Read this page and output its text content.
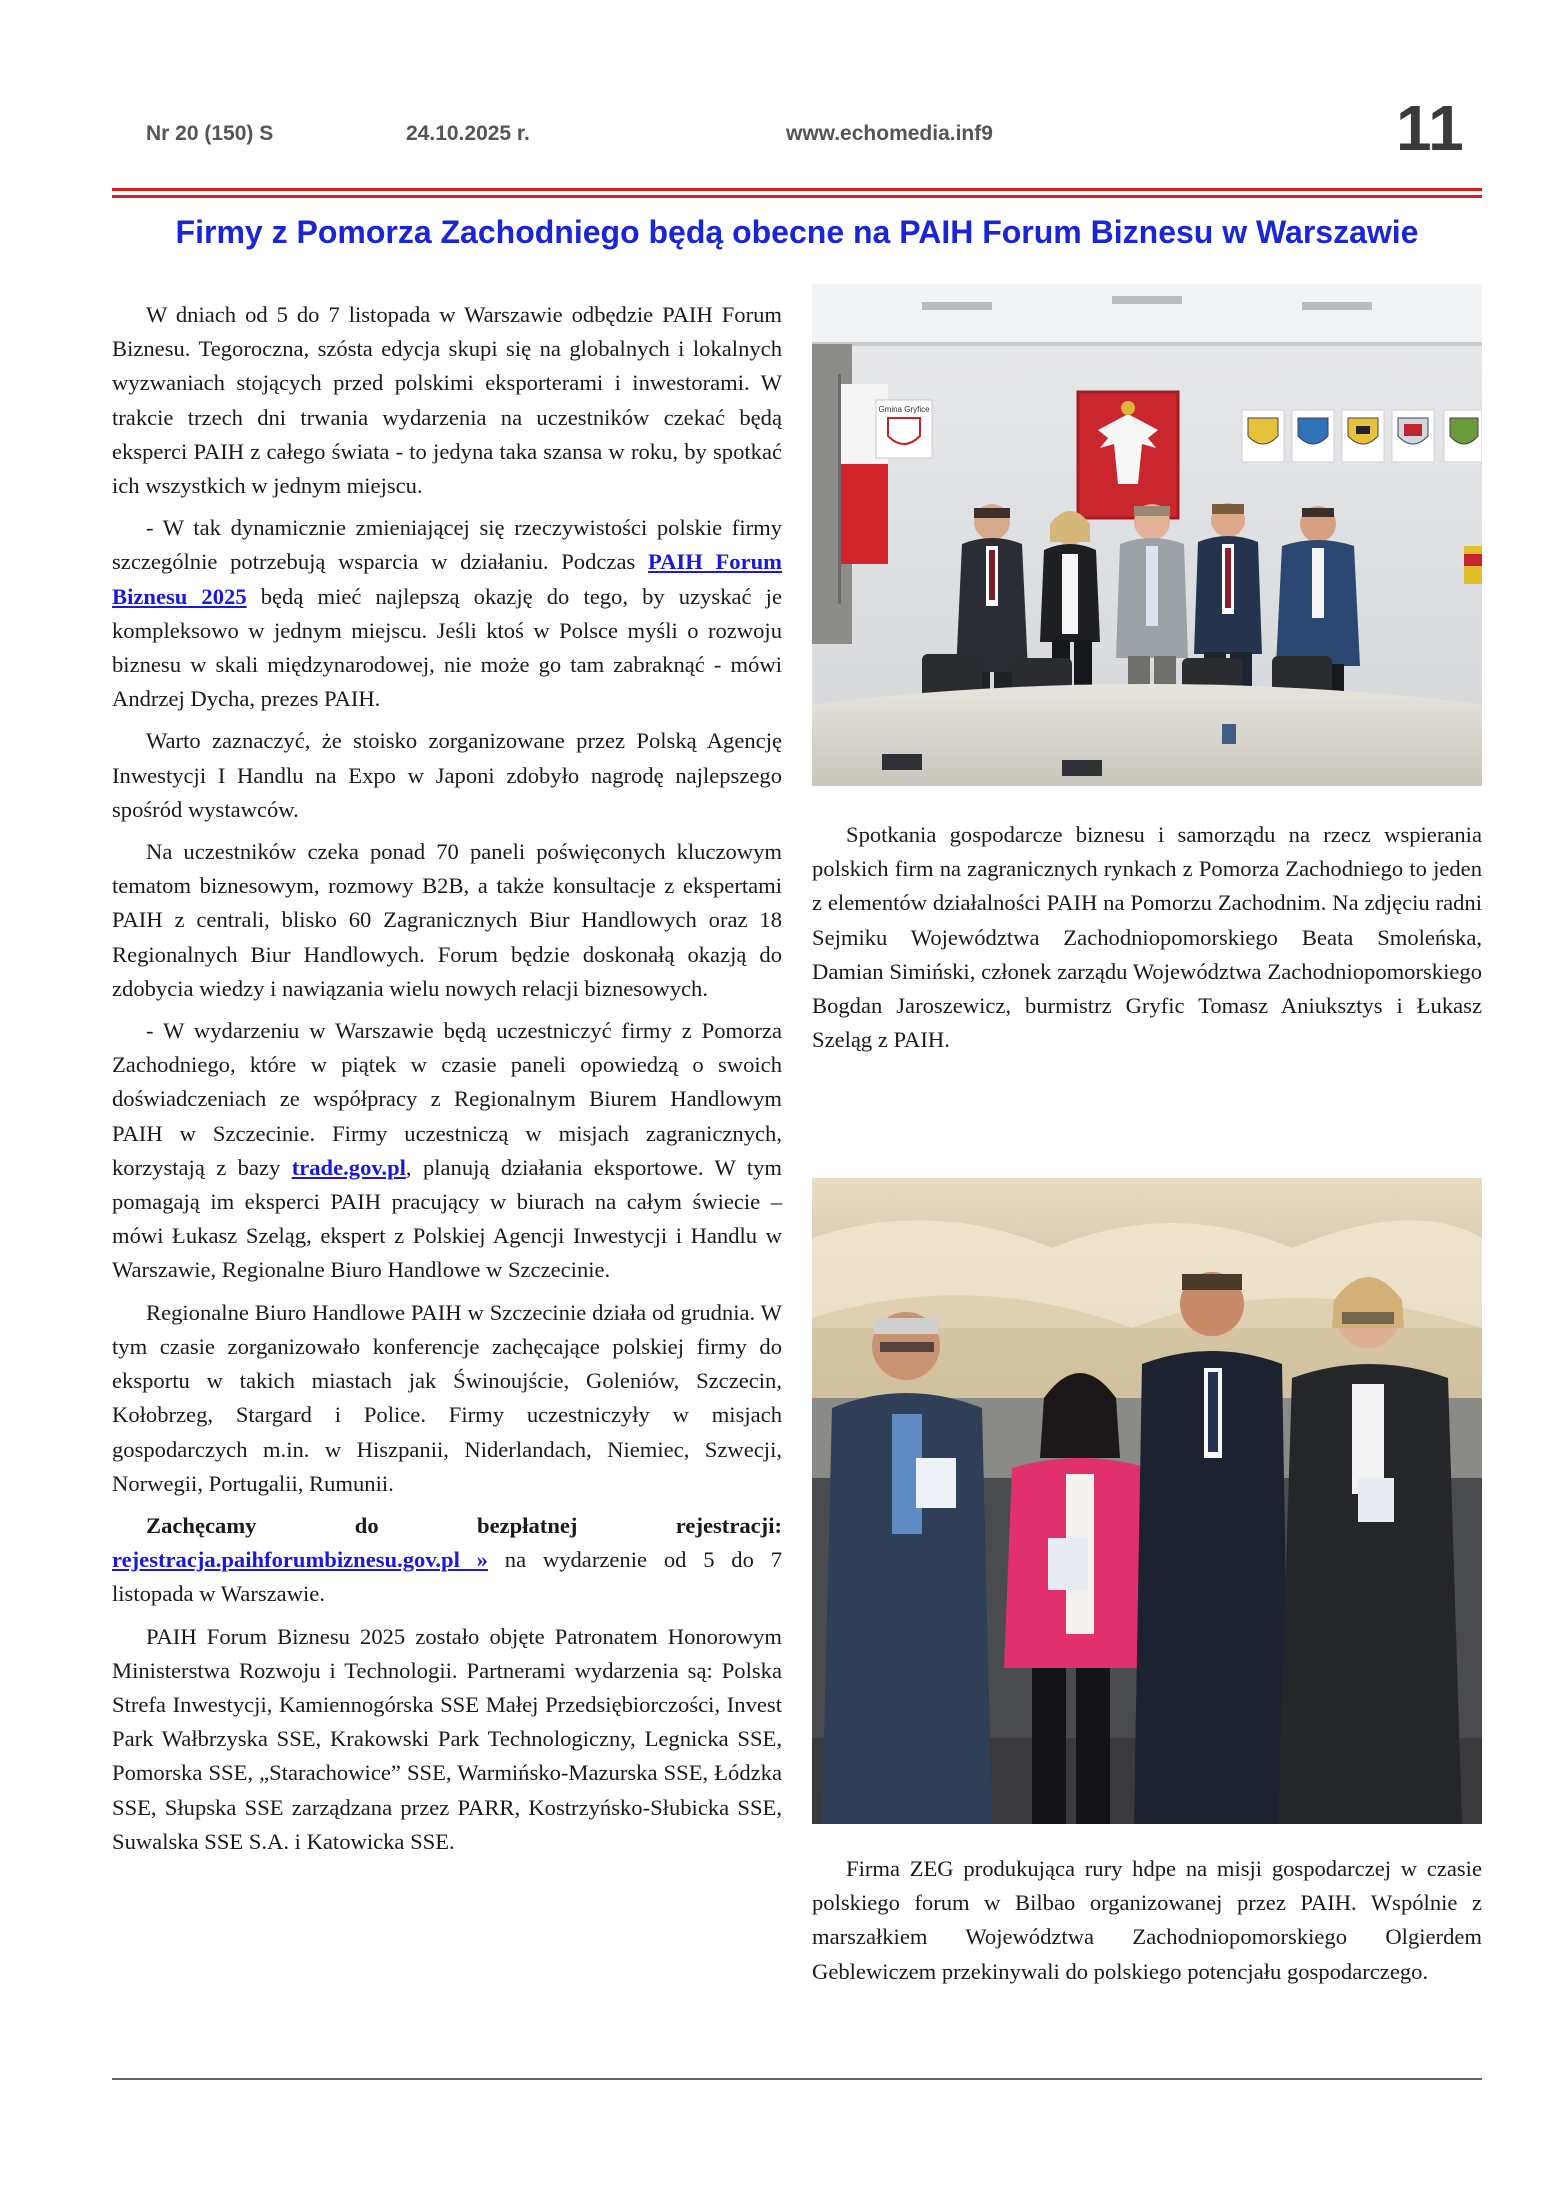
Nr 20 (150) S	24.10.2025 r.	www.echomedia.inf9	11
Firmy z Pomorza Zachodniego będą obecne na PAIH Forum Biznesu w Warszawie

W dniach od 5 do 7 listopada w Warszawie odbędzie PAIH Forum Biznesu. Tegoroczna, szósta edycja skupi się na globalnych i lokalnych wyzwaniach stojących przed polskimi eksporterami i inwestorami. W trakcie trzech dni trwania wydarzenia na uczestników czekać będą eksperci PAIH z całego świata - to jedyna taka szansa w roku, by spotkać ich wszystkich w jednym miejscu.

- W tak dynamicznie zmieniającej się rzeczywistości polskie firmy szczególnie potrzebują wsparcia w działaniu. Podczas PAIH Forum Biznesu 2025 będą mieć najlepszą okazję do tego, by uzyskać je kompleksowo w jednym miejscu. Jeśli ktoś w Polsce myśli o rozwoju biznesu w skali międzynarodowej, nie może go tam zabraknąć - mówi Andrzej Dycha, prezes PAIH.

Warto zaznaczyć, że stoisko zorganizowane przez Polską Agencję Inwestycji I Handlu na Expo w Japoni zdobyło nagrodę najlepszego spośród wystawców.

Na uczestników czeka ponad 70 paneli poświęconych kluczowym tematom biznesowym, rozmowy B2B, a także konsultacje z ekspertami PAIH z centrali, blisko 60 Zagranicznych Biur Handlowych oraz 18 Regionalnych Biur Handlowych. Forum będzie doskonałą okazją do zdobycia wiedzy i nawiązania wielu nowych relacji biznesowych.

- W wydarzeniu w Warszawie będą uczestniczyć firmy z Pomorza Zachodniego, które w piątek w czasie paneli opowiedzą o swoich doświadczeniach ze współpracy z Regionalnym Biurem Handlowym PAIH w Szczecinie. Firmy uczestniczą w misjach zagranicznych, korzystają z bazy trade.gov.pl, planują działania eksportowe. W tym pomagają im eksperci PAIH pracujący w biurach na całym świecie – mówi Łukasz Szeląg, ekspert z Polskiej Agencji Inwestycji i Handlu w Warszawie, Regionalne Biuro Handlowe w Szczecinie.

Regionalne Biuro Handlowe PAIH w Szczecinie działa od grudnia. W tym czasie zorganizowało konferencje zachęcające polskiej firmy do eksportu w takich miastach jak Świnoujście, Goleniów, Szczecin, Kołobrzeg, Stargard i Police. Firmy uczestniczyły w misjach gospodarczych m.in. w Hiszpanii, Niderlandach, Niemiec, Szwecji, Norwegii, Portugalii, Rumunii.

Zachęcamy do bezpłatnej rejestracji: rejestracja.paihforumbiznesu.gov.pl » na wydarzenie od 5 do 7 listopada w Warszawie.

PAIH Forum Biznesu 2025 zostało objęte Patronatem Honorowym Ministerstwa Rozwoju i Technologii. Partnerami wydarzenia są: Polska Strefa Inwestycji, Kamiennogórska SSE Małej Przedsiębiorczości, Invest Park Wałbrzyska SSE, Krakowski Park Technologiczny, Legnicka SSE, Pomorska SSE, „Starachowice” SSE, Warmińsko-Mazurska SSE, Łódzka SSE, Słupska SSE zarządzana przez PARR, Kostrzyńsko-Słubicka SSE, Suwalska SSE S.A. i Katowicka SSE.

Gmina Gryfice

Spotkania gospodarcze biznesu i samorządu na rzecz wspierania polskich firm na zagranicznych rynkach z Pomorza Zachodniego to jeden z elementów działalności PAIH na Pomorzu Zachodnim. Na zdjęciu radni Sejmiku Województwa Zachodniopomorskiego Beata Smoleńska, Damian Simiński, członek zarządu Województwa Zachodniopomorskiego Bogdan Jaroszewicz, burmistrz Gryfic Tomasz Aniuksztys i Łukasz Szeląg z PAIH.

Firma ZEG produkująca rury hdpe na misji gospodarczej w czasie polskiego forum w Bilbao organizowanej przez PAIH. Wspólnie z marszałkiem Województwa Zachodniopomorskiego Olgierdem Geblewiczem przekinywali do polskiego potencjału gospodarczego.
